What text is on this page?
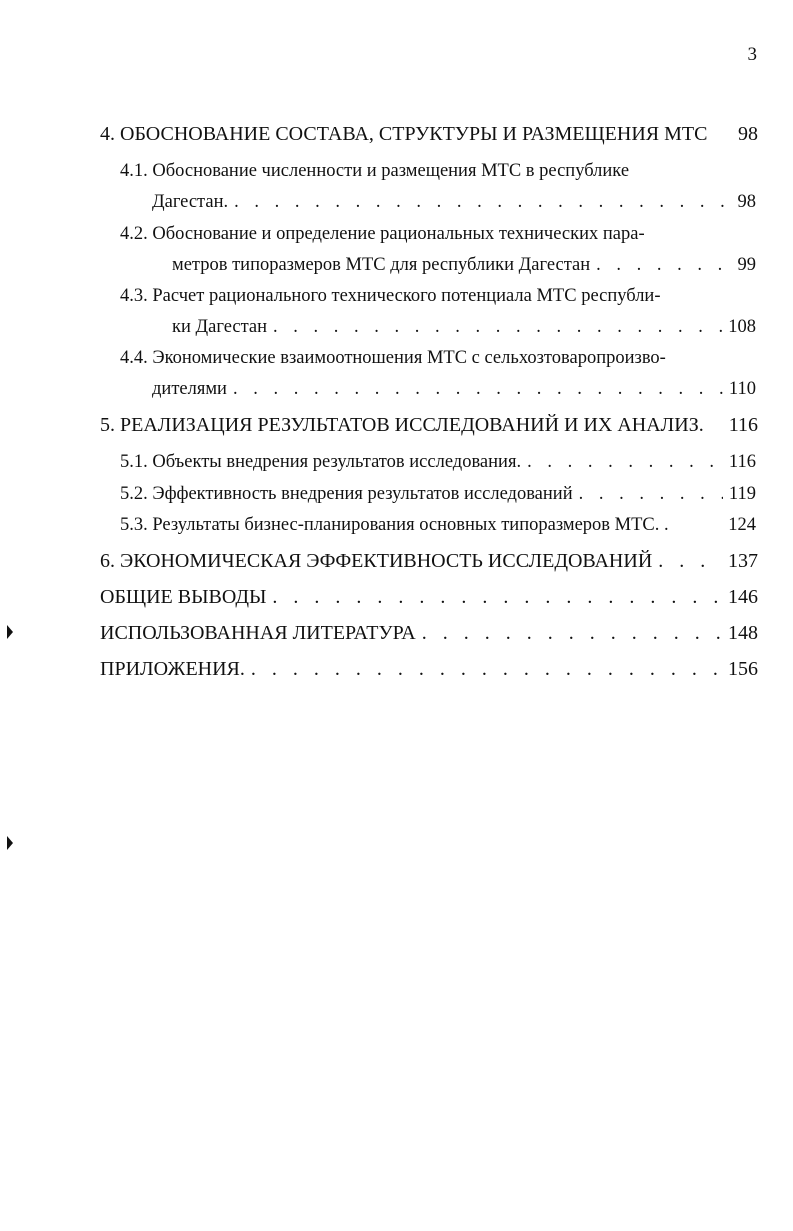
3
4. ОБОСНОВАНИЕ СОСТАВА, СТРУКТУРЫ И РАЗМЕЩЕНИЯ МТС 98
4.1. Обоснование численности и размещения МТС в республике
Дагестан. . . .	98
4.2. Обоснование и определение рациональных технических пара-
метров типоразмеров МТС для республики Дагестан . . .	99
4.3. Расчет рационального технического потенциала МТС республи-
ки Дагестан . . .	108
4.4. Экономические взаимоотношения МТС с сельхозтоваропроизво-
дителями . . .	110
5. РЕАЛИЗАЦИЯ РЕЗУЛЬТАТОВ ИССЛЕДОВАНИЙ И ИХ АНАЛИЗ. 116
5.1. Объекты внедрения результатов исследования. . . .	116
5.2. Эффективность внедрения результатов исследований . . .	119
5.3. Результаты бизнес-планирования основных типоразмеров МТС. .	124
6. ЭКОНОМИЧЕСКАЯ ЭФФЕКТИВНОСТЬ ИССЛЕДОВАНИЙ . . .	137
ОБЩИЕ ВЫВОДЫ . . .	146
ИСПОЛЬЗОВАННАЯ ЛИТЕРАТУРА . . .	148
ПРИЛОЖЕНИЯ. . . .	156
